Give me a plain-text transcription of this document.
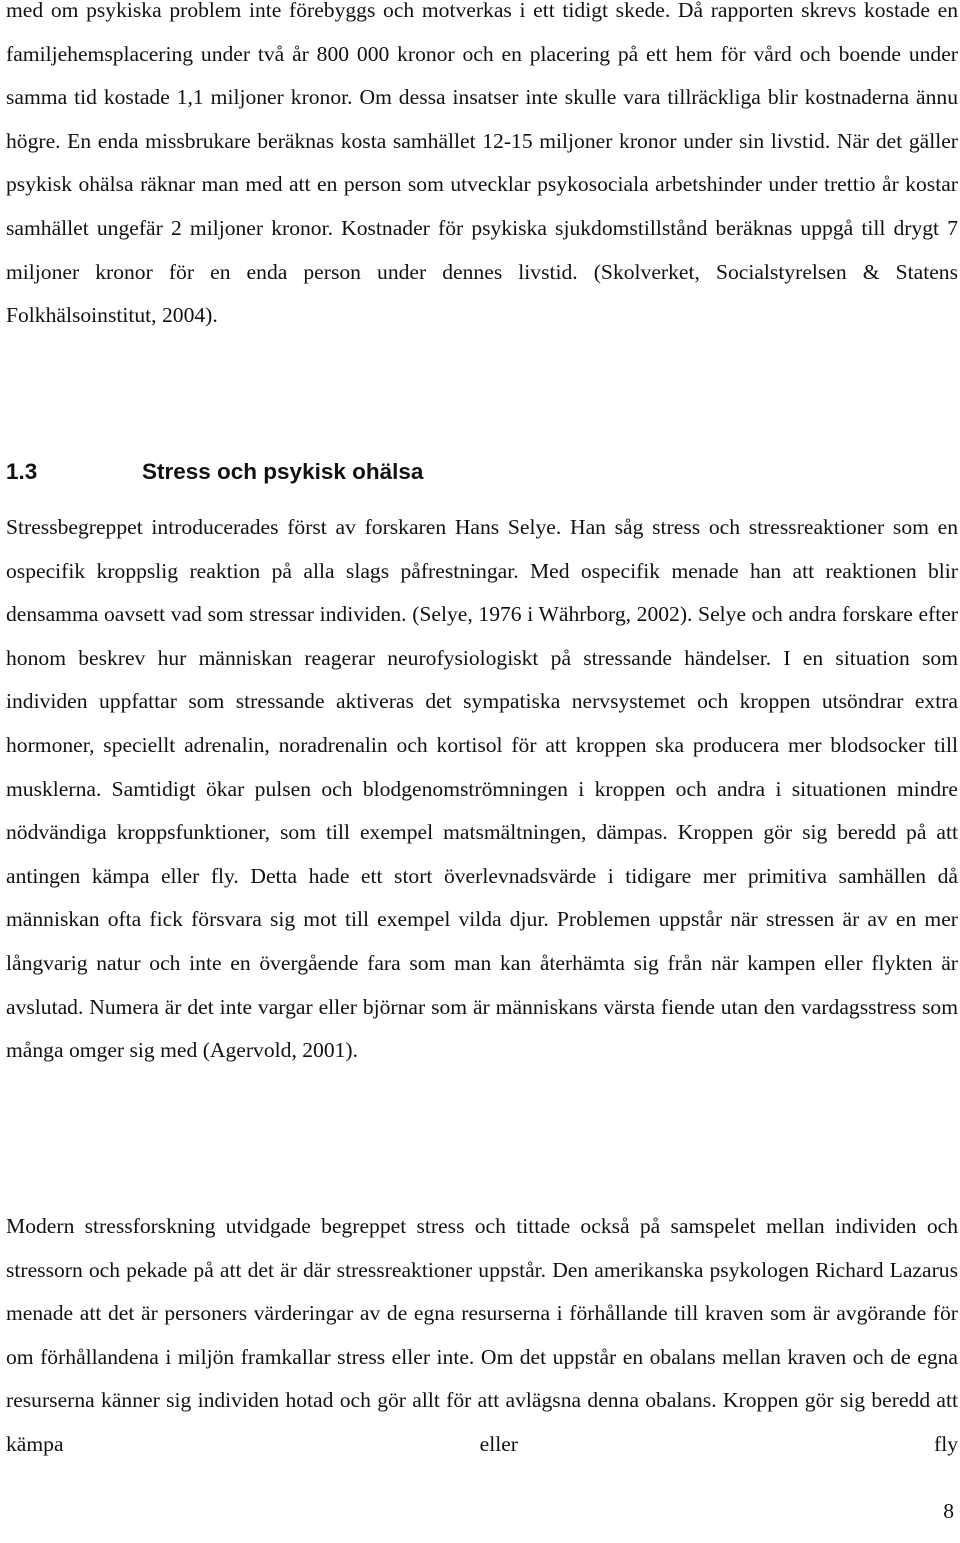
med om psykiska problem inte förebyggs och motverkas i ett tidigt skede. Då rapporten skrevs kostade en familjehemsplacering under två år 800 000 kronor och en placering på ett hem för vård och boende under samma tid kostade 1,1 miljoner kronor. Om dessa insatser inte skulle vara tillräckliga blir kostnaderna ännu högre. En enda missbrukare beräknas kosta samhället 12-15 miljoner kronor under sin livstid. När det gäller psykisk ohälsa räknar man med att en person som utvecklar psykosociala arbetshinder under trettio år kostar samhället ungefär 2 miljoner kronor. Kostnader för psykiska sjukdomstillstånd beräknas uppgå till drygt 7 miljoner kronor för en enda person under dennes livstid. (Skolverket, Socialstyrelsen & Statens Folkhälsoinstitut, 2004).

1.3	Stress och psykisk ohälsa

Stressbegreppet introducerades först av forskaren Hans Selye. Han såg stress och stressreaktioner som en ospecifik kroppslig reaktion på alla slags påfrestningar. Med ospecifik menade han att reaktionen blir densamma oavsett vad som stressar individen. (Selye, 1976 i Währborg, 2002). Selye och andra forskare efter honom beskrev hur människan reagerar neurofysiologiskt på stressande händelser. I en situation som individen uppfattar som stressande aktiveras det sympatiska nervsystemet och kroppen utsöndrar extra hormoner, speciellt adrenalin, noradrenalin och kortisol för att kroppen ska producera mer blodsocker till musklerna. Samtidigt ökar pulsen och blodgenomströmningen i kroppen och andra i situationen mindre nödvändiga kroppsfunktioner, som till exempel matsmältningen, dämpas. Kroppen gör sig beredd på att antingen kämpa eller fly. Detta hade ett stort överlevnadsvärde i tidigare mer primitiva samhällen då människan ofta fick försvara sig mot till exempel vilda djur. Problemen uppstår när stressen är av en mer långvarig natur och inte en övergående fara som man kan återhämta sig från när kampen eller flykten är avslutad. Numera är det inte vargar eller björnar som är människans värsta fiende utan den vardagsstress som många omger sig med (Agervold, 2001).

Modern stressforskning utvidgade begreppet stress och tittade också på samspelet mellan individen och stressorn och pekade på att det är där stressreaktioner uppstår. Den amerikanska psykologen Richard Lazarus menade att det är personers värderingar av de egna resurserna i förhållande till kraven som är avgörande för om förhållandena i miljön framkallar stress eller inte. Om det uppstår en obalans mellan kraven och de egna resurserna känner sig individen hotad och gör allt för att avlägsna denna obalans. Kroppen gör sig beredd att kämpa eller fly

8
